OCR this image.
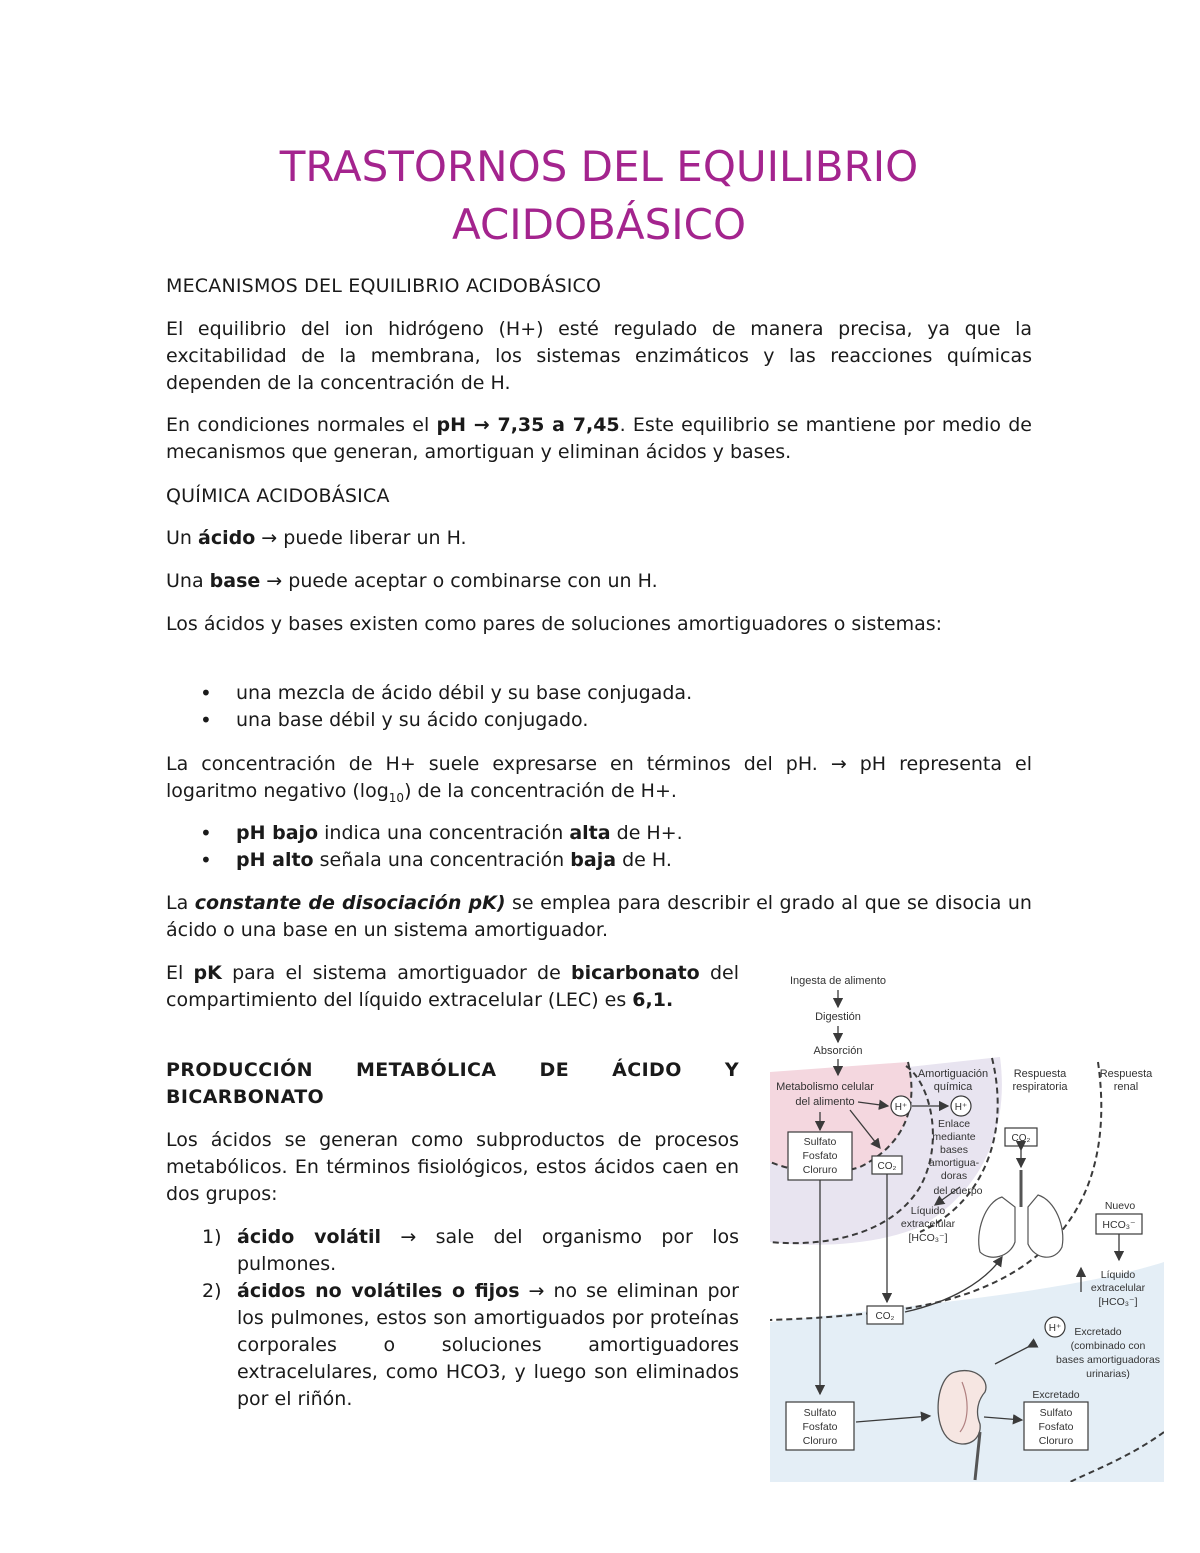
TRASTORNOS DEL EQUILIBRIO
ACIDOBÁSICO
MECANISMOS DEL EQUILIBRIO ACIDOBÁSICO
El equilibrio del ion hidrógeno (H+) esté regulado de manera precisa, ya que la excitabilidad de la membrana, los sistemas enzimáticos y las reacciones químicas dependen de la concentración de H.
En condiciones normales el pH → 7,35 a 7,45. Este equilibrio se mantiene por medio de mecanismos que generan, amortiguan y eliminan ácidos y bases.
QUÍMICA ACIDOBÁSICA
Un ácido → puede liberar un H.
Una base → puede aceptar o combinarse con un H.
Los ácidos y bases existen como pares de soluciones amortiguadores o sistemas:
• una mezcla de ácido débil y su base conjugada.
• una base débil y su ácido conjugado.
La concentración de H+ suele expresarse en términos del pH. → pH representa el logaritmo negativo $(\log_{10})$ de la concentración de H+.
• pH bajo indica una concentración alta de H+.
• pH alto señala una concentración baja de H.
La constante de disociación pK) se emplea para describir el grado al que se disocia un ácido o una base en un sistema amortiguador.
El pK para el sistema amortiguador de bicarbonato del compartimiento del líquido extracelular (LEC) es 6,1.
PRODUCCIÓN METABÓLICA DE ÁCIDO Y BICARBONATO
Los ácidos se generan como subproductos de procesos metabólicos. En términos fisiológicos, estos ácidos caen en dos grupos:
1) ácido volátil → sale del organismo por los pulmones.
2) ácidos no volátiles o fijos → no se eliminan por los pulmones, estos son amortiguados por proteínas corporales o soluciones amortiguadores extracelulares, como HCO3, y luego son eliminados por el riñón.
Ingesta de alimento
Digestión
Absorción
Metabolismo celular
del alimento
Amortiguación
química
Respuesta
respiratoria
Respuesta
renal
H⁺	H⁺
Enlace
mediante
bases
amortigua-
doras
del cuerpo
Sulfato
Fosfato
Cloruro	CO₂
Líquido
extracelular
[HCO₃⁻]
CO₂
CO₂
Nuevo
HCO₃⁻
Líquido
extracelular
[HCO₃⁻]
H⁺ Excretado
(combinado con
bases amortiguadoras
urinarias)
Sulfato
Fosfato
Cloruro
Excretado
Sulfato
Fosfato
Cloruro
